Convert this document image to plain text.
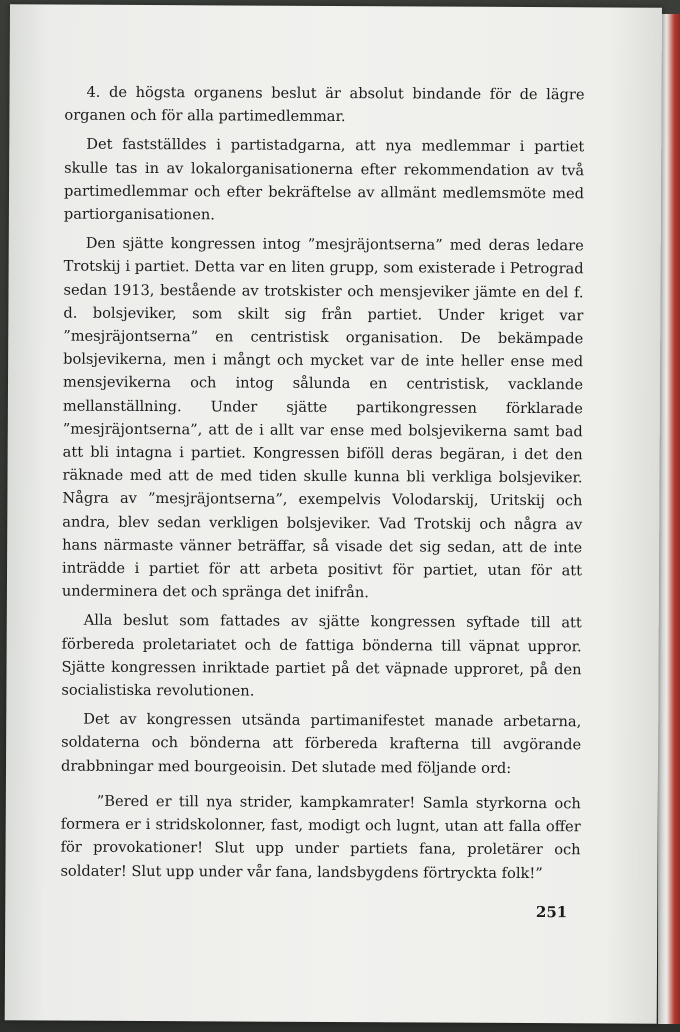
4. de högsta organens beslut är absolut bindande för de lägre organen och för alla partimedlemmar.

Det fastställdes i partistadgarna, att nya medlemmar i partiet skulle tas in av lokalorganisationerna efter rekommendation av två partimedlemmar och efter bekräftelse av allmänt medlemsmöte med partiorganisationen.

Den sjätte kongressen intog ”mesjräjontserna” med deras ledare Trotskij i partiet. Detta var en liten grupp, som existerade i Petrograd sedan 1913, bestående av trotskister och mensjeviker jämte en del f. d. bolsjeviker, som skilt sig från partiet. Under kriget var ”mesjräjontserna” en centristisk organisation. De bekämpade bolsjevikerna, men i mångt och mycket var de inte heller ense med mensjevikerna och intog sålunda en centristisk, vacklande mellanställning. Under sjätte partikongressen förklarade ”mesjräjontserna”, att de i allt var ense med bolsjevikerna samt bad att bli intagna i partiet. Kongressen biföll deras begäran, i det den räknade med att de med tiden skulle kunna bli verkliga bolsjeviker. Några av ”mesjräjontserna”, exempelvis Volodarskij, Uritskij och andra, blev sedan verkligen bolsjeviker. Vad Trotskij och några av hans närmaste vänner beträffar, så visade det sig sedan, att de inte inträdde i partiet för att arbeta positivt för partiet, utan för att underminera det och spränga det inifrån.

Alla beslut som fattades av sjätte kongressen syftade till att förbereda proletariatet och de fattiga bönderna till väpnat uppror. Sjätte kongressen inriktade partiet på det väpnade upproret, på den socialistiska revolutionen.

Det av kongressen utsända partimanifestet manade arbetarna, soldaterna och bönderna att förbereda krafterna till avgörande drabbningar med bourgeoisin. Det slutade med följande ord:

”Bered er till nya strider, kampkamrater! Samla styrkorna och formera er i stridskolonner, fast, modigt och lugnt, utan att falla offer för provokationer! Slut upp under partiets fana, proletärer och soldater! Slut upp under vår fana, landsbygdens förtryckta folk!”

251
